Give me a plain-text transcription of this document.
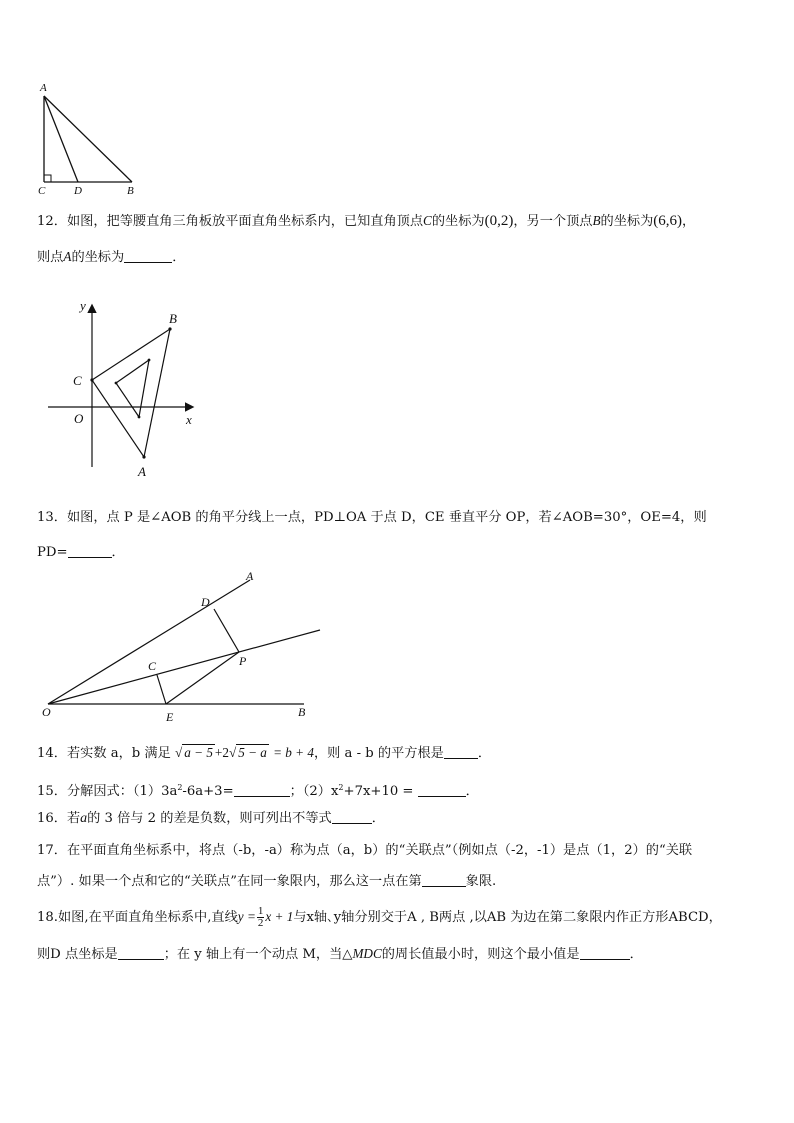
A
C	D	B
12．如图，把等腰直角三角板放平面直角坐标系内，已知直角顶点C的坐标为(0,2)，另一个顶点B的坐标为(6,6)，
则点A的坐标为	．
y
x
O
C
B
A
13．如图，点 P 是∠AOB 的角平分线上一点，PD⊥OA 于点 D，CE 垂直平分 OP，若∠AOB=30°，OE=4，则
PD=	．
A
D
C	P
O	E	B
14．若实数 a，b 满足 √ a − 5 +2√ 5 − a = b + 4，则 a - b 的平方根是	．
15．分解因式：$(1)3a^2-6a+3=$	；$(2)x^2+7x+10$ =	．
16．若a的 3 倍与 2 的差是负数，则可列出不等式	．
17．在平面直角坐标系中，将点（-b，-a）称为点（a，b）的“关联点”（例如点（-2，-1）是点（1，2）的“关联
点”）. 如果一个点和它的“关联点”在同一象限内，那么这一点在第	象限.
18.如图,在平面直角坐标系中,直线$y = \frac{1}{2}$ x + 1与x轴､y轴分别交于A , B两点 ,以AB 为边在第二象限内作正方形ABCD，
则D 点坐标是	；在 y 轴上有一个动点 M，当△MDC的周长值最小时，则这个最小值是	．
